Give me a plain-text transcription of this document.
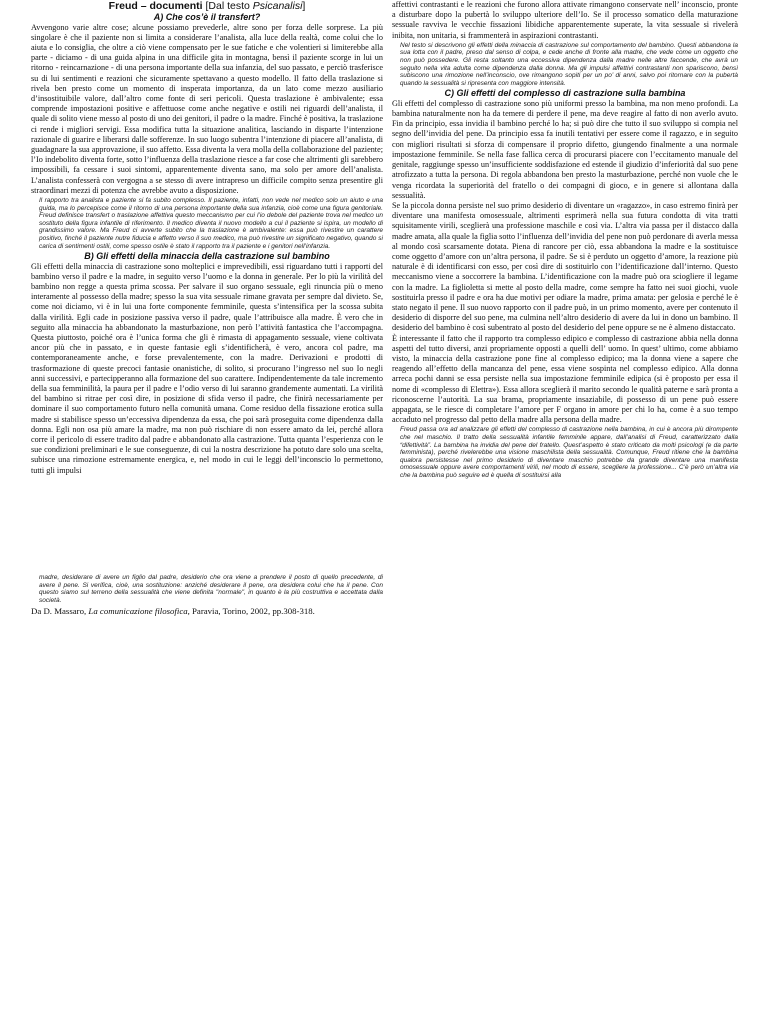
Freud – documenti [Dal testo Psicanalisi]
A) Che cos’è il transfert?

Avvengono varie altre cose; alcune possiamo prevederle, altre sono per forza delle sorprese. La più singolare è che il paziente non si limita a considerare l’analista, alla luce della realtà, come colui che lo aiuta e lo consiglia, che oltre a ciò viene compensato per le sue fatiche e che volentieri si limiterebbe alla parte - diciamo - di una guida alpina in una difficile gita in montagna, bensì il paziente scorge in lui un ritorno - reincarnazione - di una persona importante della sua infanzia, del suo passato, e perciò trasferisce su di lui sentimenti e reazioni che sicuramente spettavano a questo modello. Il fatto della traslazione si rivela ben presto come un momento di insperata importanza, da un lato come mezzo ausiliario d’insostituibile valore, dall’altro come fonte di seri pericoli. Questa traslazione è ambivalente; essa comprende impostazioni positive e affettuose come anche negative e ostili nei riguardi dell’analista, il quale di solito viene messo al posto di uno dei genitori, il padre o la madre. Finché è positiva, la traslazione ci rende i migliori servigi. Essa modifica tutta la situazione analitica, lasciando in disparte l’intenzione razionale di guarire e liberarsi dalle sofferenze. In suo luogo subentra l’intenzione di piacere all’analista, di guadagnare la sua approvazione, il suo affetto. Essa diventa la vera molla della collaborazione del paziente; l’Io indebolito diventa forte, sotto l’influenza della traslazione riesce a far cose che altrimenti gli sarebbero impossibili, fa cessare i suoi sintomi, apparentemente diventa sano, ma solo per amore dell’analista. L’analista confesserà con vergogna a se stesso di avere intrapreso un difficile compito senza presentire gli straordinari mezzi di potenza che avrebbe avuto a disposizione.

Il rapporto tra analista e paziente si fa subito complesso. Il paziente, infatti, non vede nel medico solo un aiuto e una guida, ma lo percepisce come il ritorno di una persona importante della sua infanzia, cioè come una figura genitoriale. Freud definisce transfert o traslazione affettiva questo meccanismo per cui l’io debole del paziente trova nel medico un sostituto della figura infantile di riferimento. Il medico diventa il nuovo modello a cui il paziente si ispira, un modello di grandissimo valore. Ma Freud ci avverte subito che la traslazione è ambivalente: essa può rivestire un carattere positivo, finché il paziente nutre fiducia e affetto verso il suo medico, ma può rivestire un significato negativo, quando si carica di sentimenti ostili, come spesso ostile è stato il rapporto tra il paziente e i genitori nell’infanzia.

B) Gli effetti della minaccia della castrazione sul bambino

Gli effetti della minaccia di castrazione sono molteplici e imprevedibili, essi riguardano tutti i rapporti del bambino verso il padre e la madre, in seguito verso l’uomo e la donna in generale. Per lo più la virilità del bambino non regge a questa prima scossa. Per salvare il suo organo sessuale, egli rinuncia più o meno interamente al possesso della madre; spesso la sua vita sessuale rimane gravata per sempre dal divieto. Se, come noi diciamo, vi è in lui una forte componente femminile, questa s’intensifica per la scossa subita dalla virilità. Egli cade in posizione passiva verso il padre, quale l’attribuisce alla madre. È vero che in seguito alla minaccia ha abbandonato la masturbazione, non però l’attività fantastica che l’accompagna. Questa piuttosto, poiché ora è l’unica forma che gli è rimasta di appagamento sessuale, viene coltivata ancor più che in passato, e in queste fantasie egli s’identificherà, è vero, ancora col padre, ma contemporaneamente anche, e forse prevalentemente, con la madre. Derivazioni e prodotti di trasformazione di queste precoci fantasie onanistiche, di solito, si procurano l’ingresso nel suo Io negli anni successivi, e partecipperanno alla formazione del suo carattere. Indipendentemente da tale incremento della sua femminilità, la paura per il padre e l’odio verso di lui saranno grandemente aumentati. La virilità del bambino si ritrae per così dire, in posizione di sfida verso il padre, che finirà necessariamente per dominare il suo comportamento futuro nella comunità umana. Come residuo della fissazione erotica sulla madre si stabilisce spesso un’eccessiva dipendenza da essa, che poi sarà proseguita come dipendenza dalla donna. Egli non osa più amare la madre, ma non può rischiare di non essere amato da lei, perché allora corre il pericolo di essere tradito dal padre e abbandonato alla castrazione. Tutta quanta l’esperienza con le sue condizioni preliminari e le sue conseguenze, di cui la nostra descrizione ha potuto dare solo una scelta, subisce una rimozione estremamente energica, e, nel modo in cui le leggi dell’inconscio lo permettono, tutti gli impulsi

affettivi contrastanti e le reazioni che furono allora attivate rimangono conservate nell’ inconscio, pronte a disturbare dopo la pubertà lo sviluppo ulteriore dell’Io. Se il processo somatico della maturazione sessuale ravviva le vecchie fissazioni libidiche apparentemente superate, la vita sessuale si rivelerà inibita, non unitaria, si frammenterà in aspirazioni contrastanti.

Nel testo si descrivono gli effetti della minaccia di castrazione sul comportamento del bambino. Questi abbandona la sua lotta con il padre, preso dal senso di colpa, e cede anche di fronte alla madre, che vede come un oggetto che non può possedere. Gli resta soltanto una eccessiva dipendenza dalla madre nelle altre faccende, che avrà un seguito nella vita adulta come dipendenza dalla donna. Ma gli impulsi affettivi contrastanti non spariscono, bensì subiscono una rimozione nell’inconscio, ove rimangono sopiti per un po’ di anni, salvo poi ritornare con la pubertà quando la sessualità si ripresenta con maggiore intensità.

C) Gli effetti del complesso di castrazione sulla bambina

Gli effetti del complesso di castrazione sono più uniformi presso la bambina, ma non meno profondi. La bambina naturalmente non ha da temere di perdere il pene, ma deve reagire al fatto di non averlo avuto. Fin da principio, essa invidia il bambino perché lo ha; si può dire che tutto il suo sviluppo si compia nel segno dell’invidia del pene. Da principio essa fa inutili tentativi per essere come il ragazzo, e in seguito con migliori risultati si sforza di compensare il proprio difetto, giungendo finalmente a una normale impostazione femminile. Se nella fase fallica cerca di procurarsi piacere con l’eccitamento manuale del genitale, raggiunge spesso un’insufficiente soddisfazione ed estende il giudizio d’inferiorità dal suo pene atrofizzato a tutta la persona. Di regola abbandona ben presto la masturbazione, perché non vuole che le venga ricordata la superiorità del fratello o dei compagni di gioco, e in genere si allontana dalla sessualità.

Se la piccola donna persiste nel suo primo desiderio di diventare un «ragazzo», in caso estremo finirà per diventare una manifesta omosessuale, altrimenti esprimerà nella sua futura condotta di vita tratti squisitamente virili, sceglierà una professione maschile e così via. L’altra via passa per il distacco dalla madre amata, alla quale la figlia sotto l’influenza dell’invidia del pene non può perdonare di averla messa al mondo così scarsamente dotata. Piena di rancore per ciò, essa abbandona la madre e la sostituisce come oggetto d’amore con un’altra persona, il padre. Se si è perduto un oggetto d’amore, la reazione più naturale è di identificarsi con esso, per così dire di sostituirlo con l’identificazione dall’interno. Questo meccanismo viene a soccorrere la bambina. L’identificazione con la madre può ora sciogliere il legame con la madre. La figlioletta si mette al posto della madre, come sempre ha fatto nei suoi giochi, vuole sostituirla presso il padre e ora ha due motivi per odiare la madre, prima amata: per gelosia e perché le è stato negato il pene. Il suo nuovo rapporto con il padre può, in un primo momento, avere per contenuto il desiderio di disporre del suo pene, ma culmina nell’altro desiderio di avere da lui in dono un bambino. Il desiderio del bambino è così subentrato al posto del desiderio del pene oppure se ne è almeno distaccato.

È interessante il fatto che il rapporto tra complesso edipico e complesso di castrazione abbia nella donna aspetti del tutto diversi, anzi propriamente opposti a quelli dell’ uomo. In quest’ ultimo, come abbiamo visto, la minaccia della castrazione pone fine al complesso edipico; ma la donna viene a sapere che reagendo all’effetto della mancanza del pene, essa viene sospinta nel complesso edipico. Alla donna arreca pochi danni se essa persiste nella sua impostazione femminile edipica (si è proposto per essa il nome di «complesso di Elettra»). Essa allora sceglierà il marito secondo le qualità paterne e sarà pronta a riconoscerne l’autorità. La sua brama, propriamente insaziabile, di possesso di un pene può essere appagata, se le riesce di completare l’amore per F organo in amore per chi lo ha, come è a suo tempo accaduto nel progresso dal petto della madre alla persona della madre.

Freud passa ora ad analizzare gli effetti del complesso di castrazione nella bambina, in cui è ancora più dirompente che nel maschio. Il tratto della sessualità infantile femminile appare, dall’analisi di Freud, caratterizzato dalla “difettività”. La bambina ha invidia del pene del fratello. Quest’aspetto è stato criticato da molti psicologi (e da parte femminista), perché rivelerebbe una visione maschilista della sessualità. Comunque, Freud ritiene che la bambina qualora persistesse nel primo desiderio di diventare maschio potrebbe da grande diventare una manifesta omosessuale oppure avere comportamenti virili, nel modo di essere, scegliere la professione... C’è però un’altra via che la bambina può seguire ed è quella di sostituirsi alla

madre, desiderare di avere un figlio dal padre, desiderio che ora viene a prendere il posto di quello precedente, di avere il pene. Si verifica, cioè, una sostituzione: anziché desiderare il pene, ora desidera colui che ha il pene. Con questo siamo sul terreno della sessualità che viene definita "normale", in quanto è la più costruttiva e accettata dalla società.

Da D. Massaro, La comunicazione filosofica, Paravia, Torino, 2002, pp.308-318.
